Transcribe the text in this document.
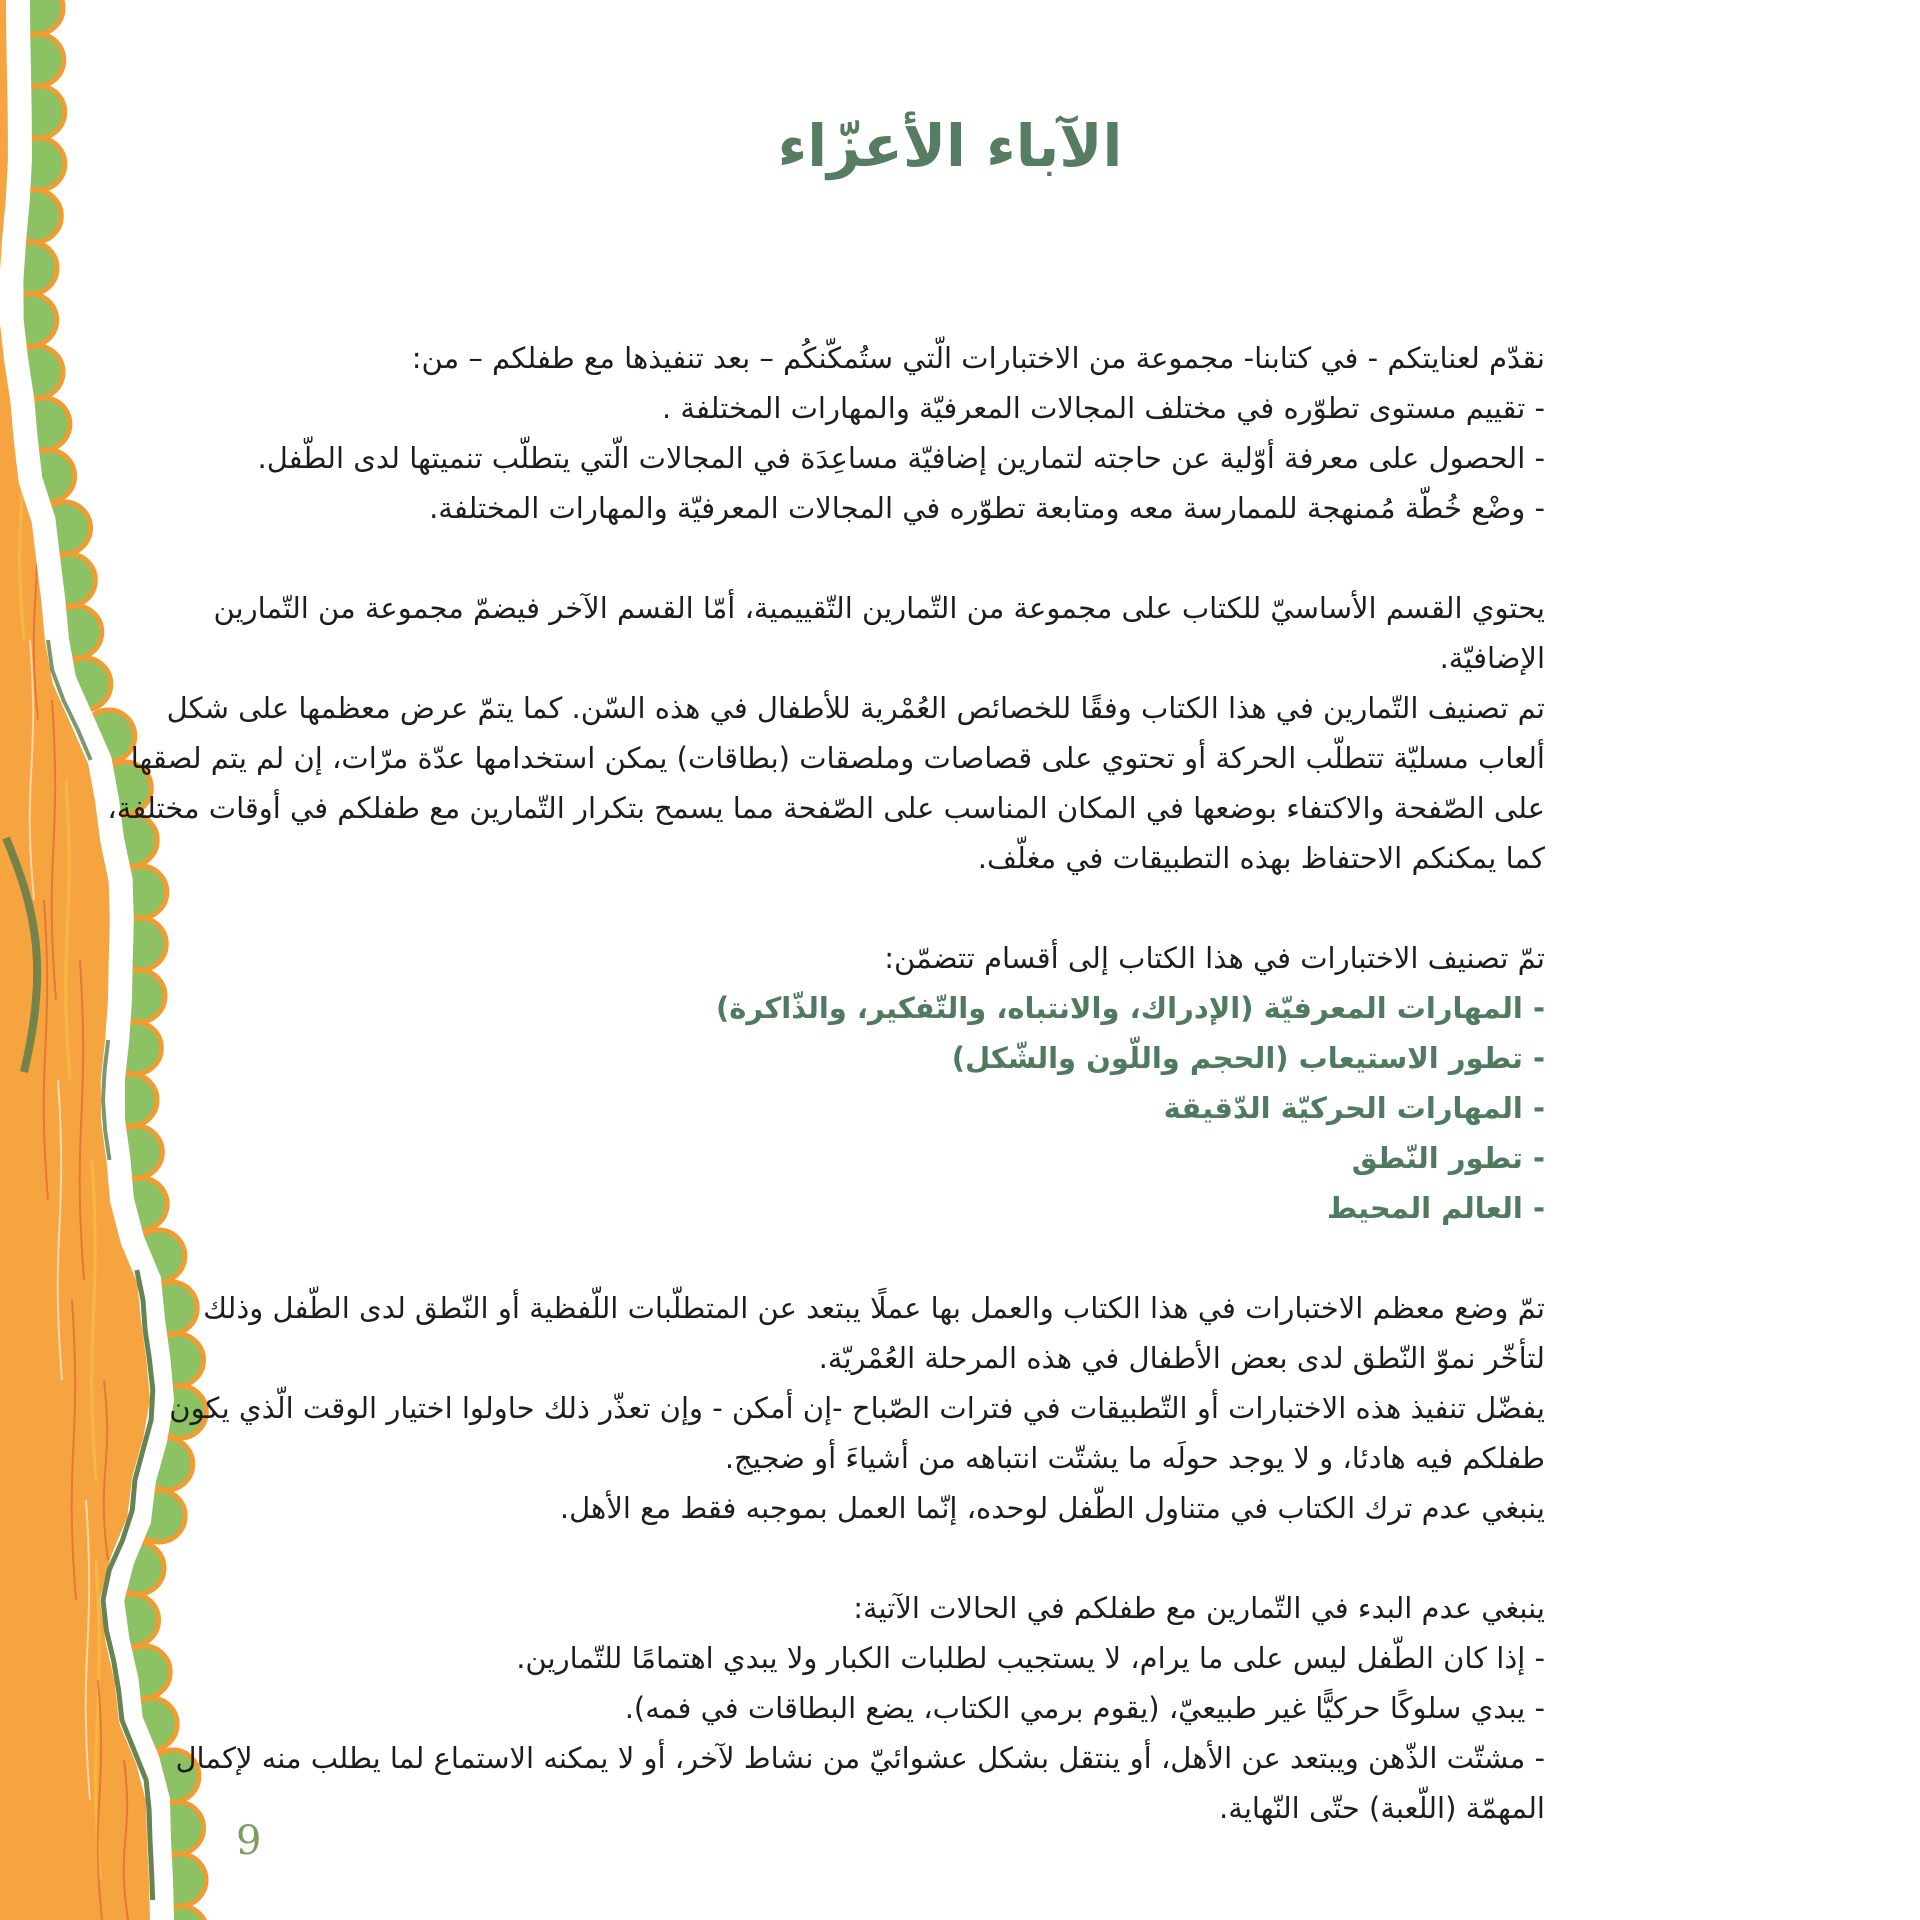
الآباء الأعزّاء
نقدّم لعنايتكم - في كتابنا- مجموعة من الاختبارات الّتي ستُمكّنكُم – بعد تنفيذها مع طفلكم – من:
- تقييم مستوى تطوّره في مختلف المجالات المعرفيّة والمهارات المختلفة .
- الحصول على معرفة أوّلية عن حاجته لتمارين إضافيّة مساعِدَة في المجالات الّتي يتطلّب تنميتها لدى الطّفل.
- وضْع خُطّة مُمنهجة للممارسة معه ومتابعة تطوّره في المجالات المعرفيّة والمهارات المختلفة.
يحتوي القسم الأساسيّ للكتاب على مجموعة من التّمارين التّقييمية، أمّا القسم الآخر فيضمّ مجموعة من التّمارين
الإضافيّة.
تم تصنيف التّمارين في هذا الكتاب وفقًا للخصائص العُمْرية للأطفال في هذه السّن. كما يتمّ عرض معظمها على شكل
ألعاب مسليّة تتطلّب الحركة أو تحتوي على قصاصات وملصقات (بطاقات) يمكن استخدامها عدّة مرّات، إن لم يتم لصقها
على الصّفحة والاكتفاء بوضعها في المكان المناسب على الصّفحة مما يسمح بتكرار التّمارين مع طفلكم في أوقات مختلفة،
كما يمكنكم الاحتفاظ بهذه التطبيقات في مغلّف.
تمّ تصنيف الاختبارات في هذا الكتاب إلى أقسام تتضمّن:
- المهارات المعرفيّة (الإدراك، والانتباه، والتّفكير، والذّاكرة)
- تطور الاستيعاب (الحجم واللّون والشّكل)
- المهارات الحركيّة الدّقيقة
- تطور النّطق
- العالم المحيط
تمّ وضع معظم الاختبارات في هذا الكتاب والعمل بها عملًا يبتعد عن المتطلّبات اللّفظية أو النّطق لدى الطّفل وذلك
لتأخّر نموّ النّطق لدى بعض الأطفال في هذه المرحلة العُمْريّة.
يفضّل تنفيذ هذه الاختبارات أو التّطبيقات في فترات الصّباح -إن أمكن - وإن تعذّر ذلك حاولوا اختيار الوقت الّذي يكون
طفلكم فيه هادئا، و لا يوجد حولَه ما يشتّت انتباهه من أشياءَ أو ضجيج.
ينبغي عدم ترك الكتاب في متناول الطّفل لوحده، إنّما العمل بموجبه فقط مع الأهل.
ينبغي عدم البدء في التّمارين مع طفلكم في الحالات الآتية:
- إذا كان الطّفل ليس على ما يرام، لا يستجيب لطلبات الكبار ولا يبدي اهتمامًا للتّمارين.
- يبدي سلوكًا حركيًّا غير طبيعيّ، (يقوم برمي الكتاب، يضع البطاقات في فمه).
- مشتّت الذّهن ويبتعد عن الأهل، أو ينتقل بشكل عشوائيّ من نشاط لآخر، أو لا يمكنه الاستماع لما يطلب منه لإكمال
المهمّة (اللّعبة) حتّى النّهاية.
9
